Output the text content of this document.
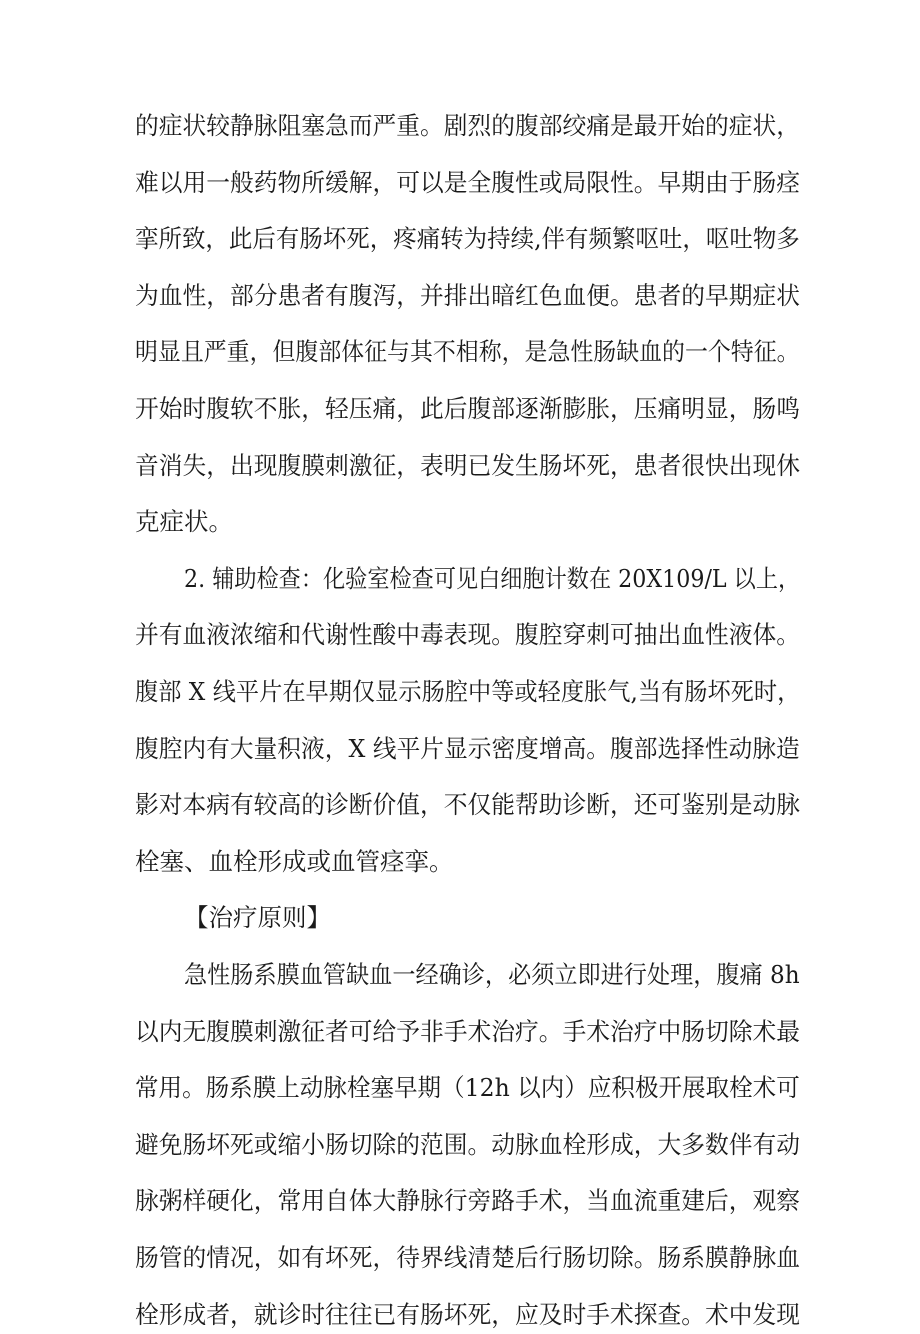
的症状较静脉阻塞急而严重。剧烈的腹部绞痛是最开始的症状，
难以用一般药物所缓解，可以是全腹性或局限性。早期由于肠痉
挛所致，此后有肠坏死，疼痛转为持续,伴有频繁呕吐，呕吐物多
为血性，部分患者有腹泻，并排出暗红色血便。患者的早期症状
明显且严重，但腹部体征与其不相称，是急性肠缺血的一个特征。
开始时腹软不胀，轻压痛，此后腹部逐渐膨胀，压痛明显，肠鸣
音消失，出现腹膜刺激征，表明已发生肠坏死，患者很快出现休
克症状。
2. 辅助检查：化验室检查可见白细胞计数在 20X109/L 以上，
并有血液浓缩和代谢性酸中毒表现。腹腔穿刺可抽出血性液体。
腹部 X 线平片在早期仅显示肠腔中等或轻度胀气,当有肠坏死时，
腹腔内有大量积液，X 线平片显示密度增高。腹部选择性动脉造
影对本病有较高的诊断价值，不仅能帮助诊断，还可鉴别是动脉
栓塞、血栓形成或血管痉挛。
【治疗原则】
急性肠系膜血管缺血一经确诊，必须立即进行处理，腹痛 8h
以内无腹膜刺激征者可给予非手术治疗。手术治疗中肠切除术最
常用。肠系膜上动脉栓塞早期（12h 以内）应积极开展取栓术可
避免肠坏死或缩小肠切除的范围。动脉血栓形成，大多数伴有动
脉粥样硬化，常用自体大静脉行旁路手术，当血流重建后，观察
肠管的情况，如有坏死，待界线清楚后行肠切除。肠系膜静脉血
栓形成者，就诊时往往已有肠坏死，应及时手术探查。术中发现
